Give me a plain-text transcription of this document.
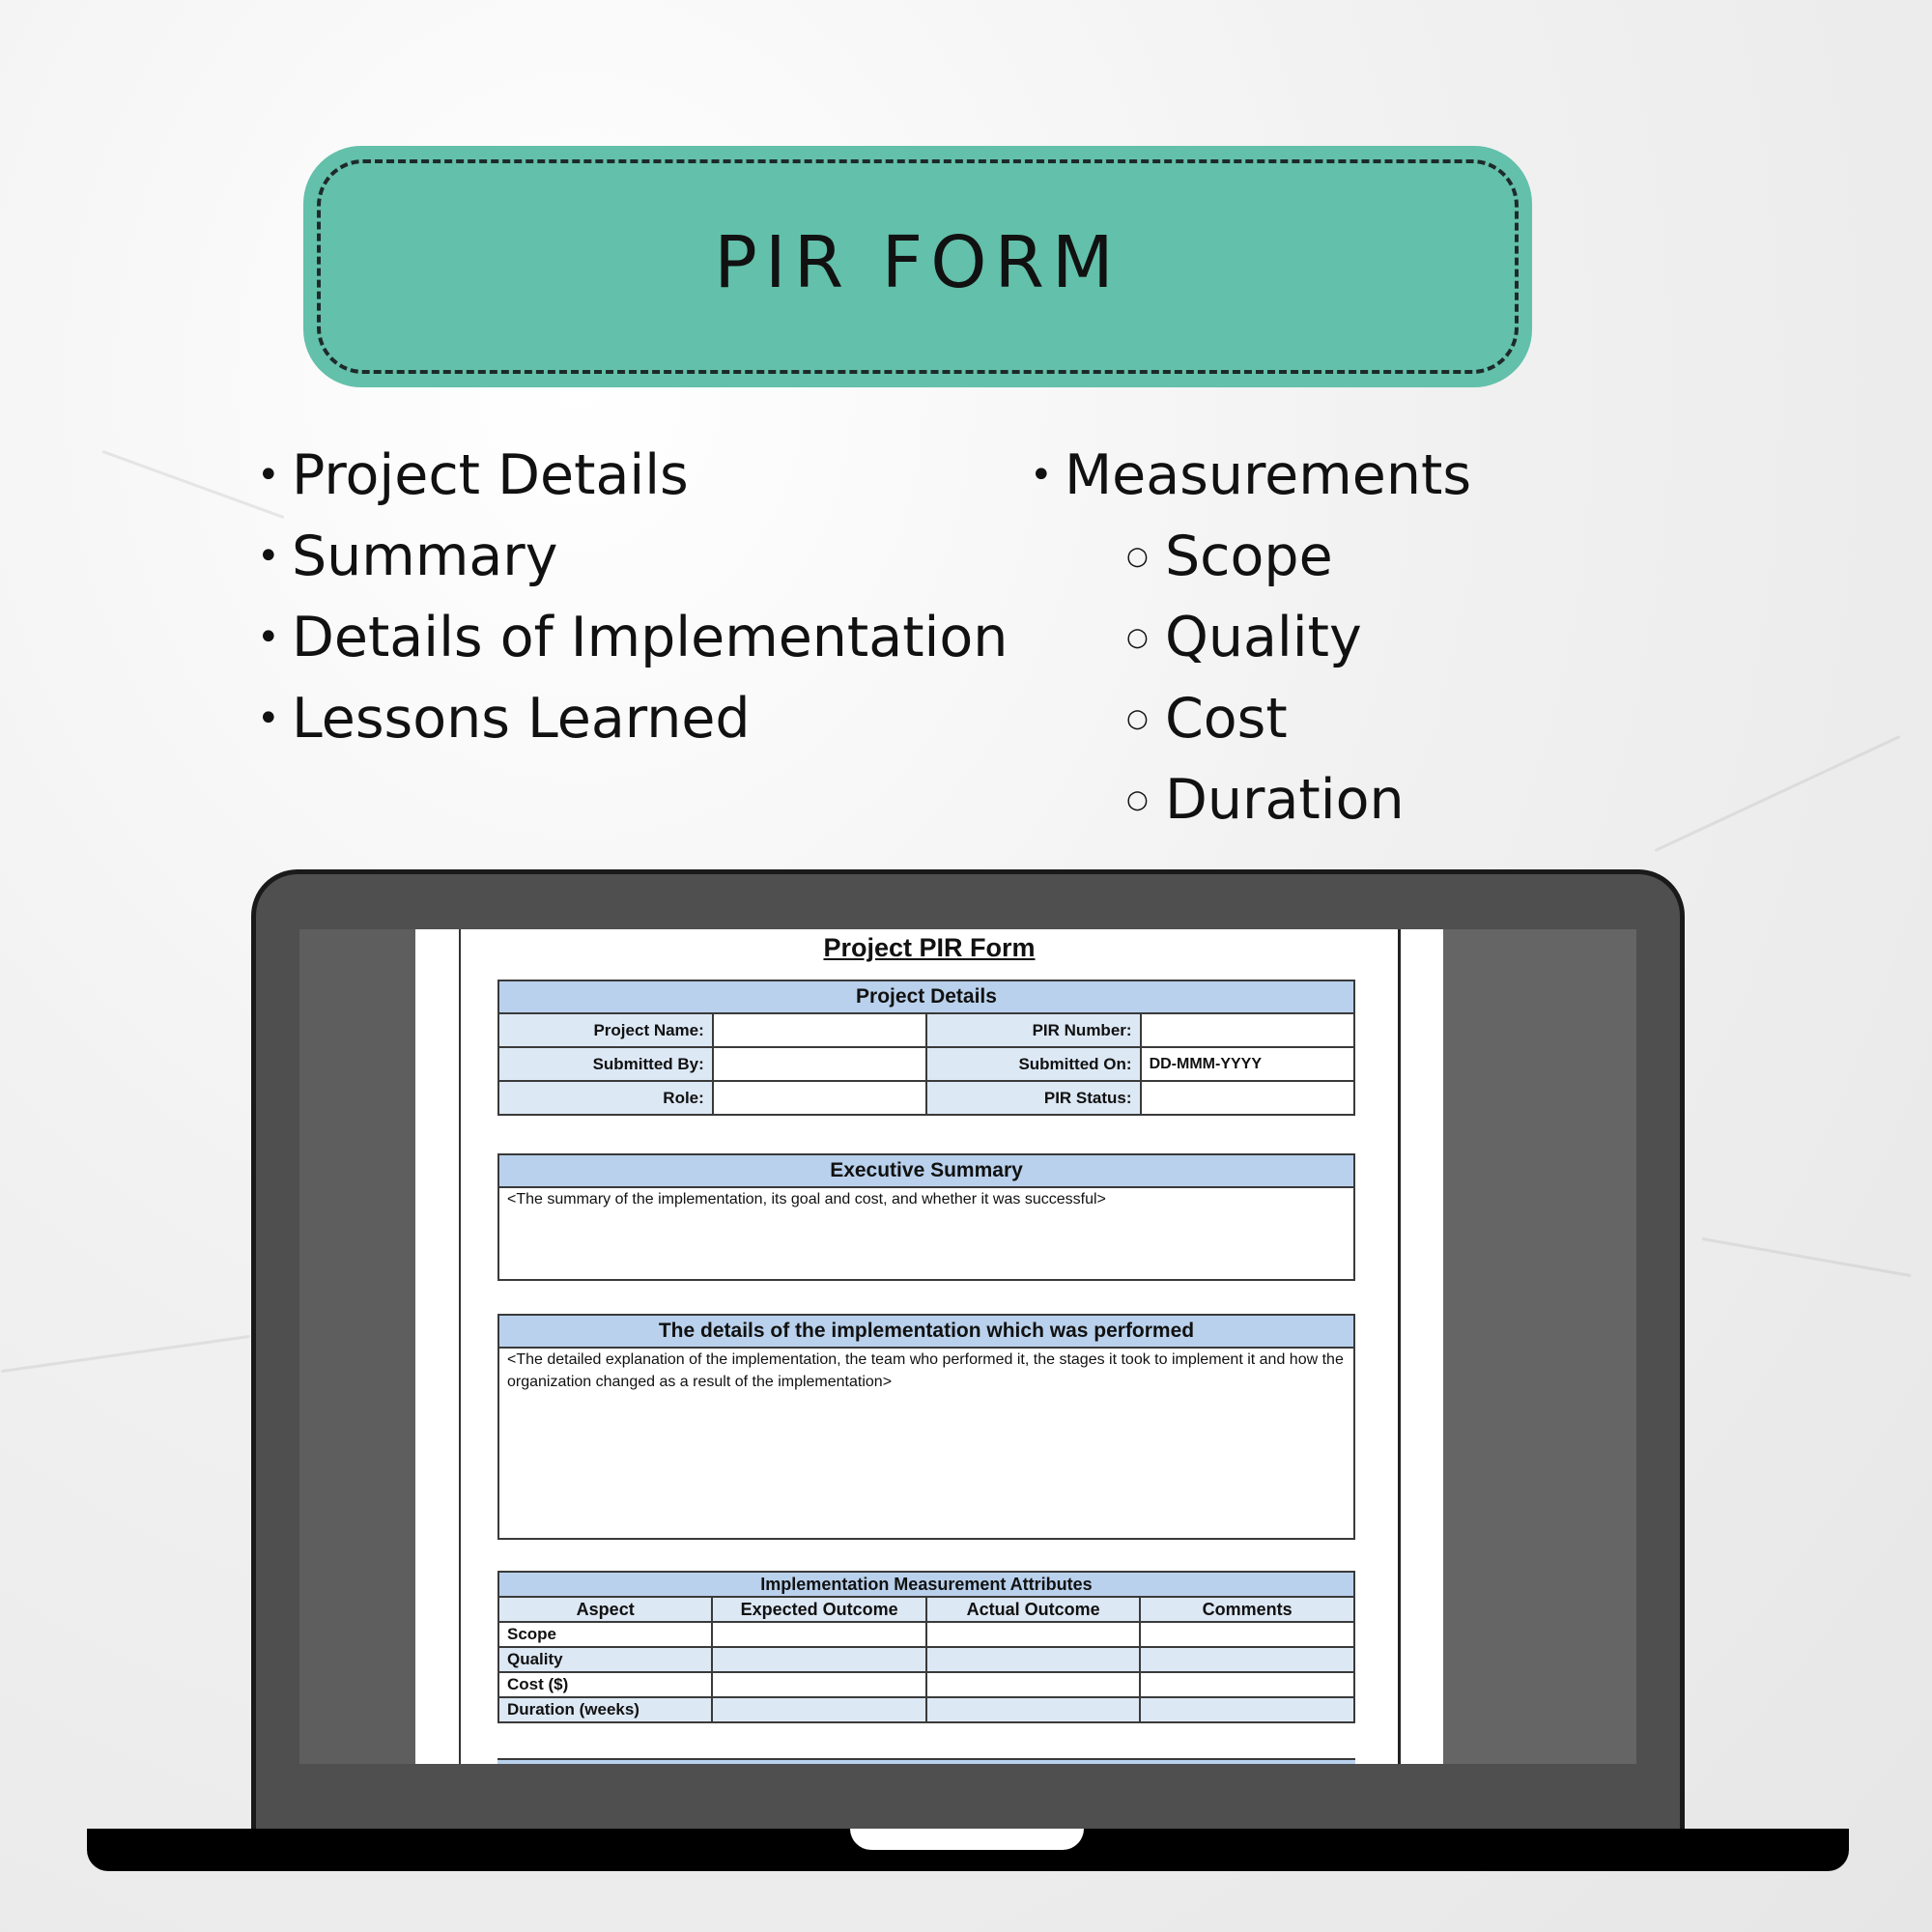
PIR FORM
• Project Details
• Summary
• Details of Implementation
• Lessons Learned
• Measurements
○ Scope
○ Quality
○ Cost
○ Duration
Project PIR Form
Project Details			
Project Name:		PIR Number:	
Submitted By:		Submitted On:	DD-MMM-YYYY
Role:		PIR Status:	
Executive Summary
<The summary of the implementation, its goal and cost, and whether it was successful>
The details of the implementation which was performed
<The detailed explanation of the implementation, the team who performed it, the stages it took to implement it and how the organization changed as a result of the implementation>
Implementation Measurement Attributes			
Aspect	Expected Outcome	Actual Outcome	Comments
Scope			
Quality			
Cost ($)			
Duration (weeks)			
